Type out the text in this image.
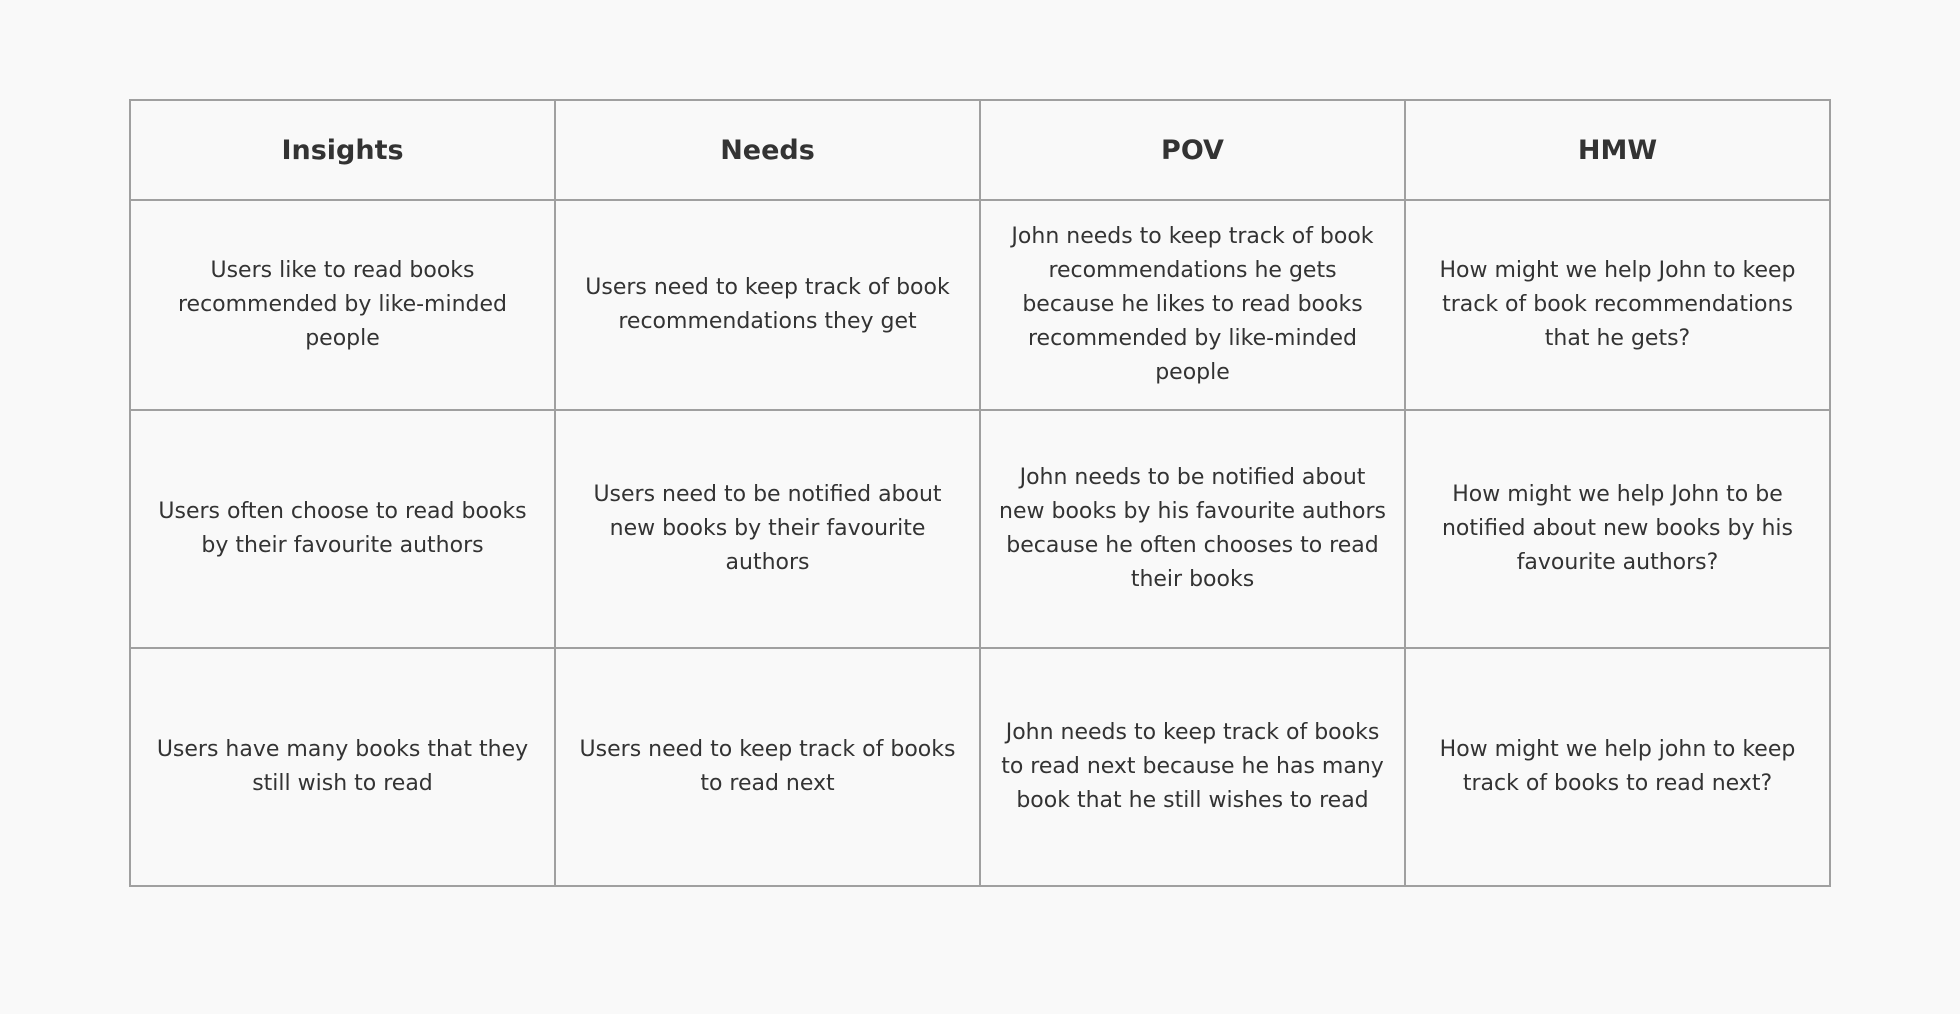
Insights	Needs	POV	HMW
Users like to read books recommended by like-minded people	Users need to keep track of book recommendations they get	John needs to keep track of book recommendations he gets because he likes to read books recommended by like-minded people	How might we help John to keep track of book recommendations that he gets?
Users often choose to read books by their favourite authors	Users need to be notified about new books by their favourite authors	John needs to be notified about new books by his favourite authors because he often chooses to read their books	How might we help John to be notified about new books by his favourite authors?
Users have many books that they still wish to read	Users need to keep track of books to read next	John needs to keep track of books to read next because he has many book that he still wishes to read	How might we help john to keep track of books to read next?
